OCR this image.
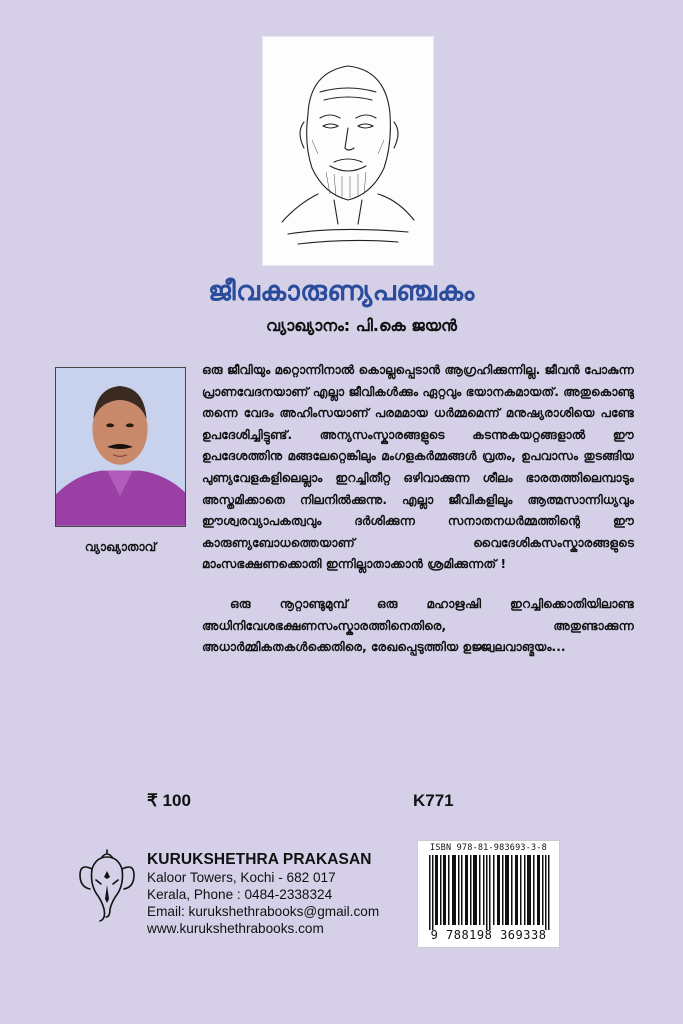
ജീവകാരുണ്യപഞ്ചകം
വ്യാഖ്യാനം: പി.കെ ജയൻ
വ്യാഖ്യാതാവ്

ഒരു ജീവിയും മറ്റൊന്നിനാൽ കൊല്ലപ്പെടാൻ ആഗ്രഹിക്കുന്നില്ല. ജീവൻ പോകുന്ന പ്രാണവേദനയാണ് എല്ലാ ജീവികൾക്കും ഏറ്റവും ഭയാനകമായത്. അതുകൊണ്ടു തന്നെ വേദം അഹിംസയാണ് പരമമായ ധർമ്മമെന്ന് മനുഷ്യരാശിയെ പണ്ടേ ഉപദേശിച്ചിട്ടുണ്ട്. അന്യസംസ്കാരങ്ങളുടെ കടന്നുകയറ്റങ്ങളാൽ ഈ ഉപദേശത്തിനു മങ്ങലേറ്റെങ്കിലും മംഗളകർമ്മങ്ങൾ വ്രതം, ഉപവാസം തുടങ്ങിയ പുണ്യവേളകളിലെല്ലാം ഇറച്ചിതീറ്റ ഒഴിവാക്കുന്ന ശീലം ഭാരതത്തിലെമ്പാടും അസ്തമിക്കാതെ നിലനിൽക്കുന്നു. എല്ലാ ജീവികളിലും ആത്മസാന്നിധ്യവും ഈശ്വരവ്യാപകത്വവും ദർശിക്കുന്ന സനാതനധർമ്മത്തിന്റെ ഈ കാരുണ്യബോധത്തെയാണ് വൈദേശികസംസ്കാരങ്ങളുടെ മാംസഭക്ഷണക്കൊതി ഇന്നില്ലാതാക്കാൻ ശ്രമിക്കുന്നത് !

ഒരു നൂറ്റാണ്ടുമുമ്പ് ഒരു മഹാഋഷി ഇറച്ചിക്കൊതിയിലാണ്ട അധിനിവേശഭക്ഷണസംസ്കാരത്തിനെതിരെ, അതുണ്ടാക്കുന്ന അധാർമ്മികതകൾക്കെതിരെ, രേഖപ്പെടുത്തിയ ഉജ്ജ്വലവാങ്മയം...

₹ 100	K771
KURUKSHETHRA PRAKASAN
Kaloor Towers, Kochi - 682 017
Kerala, Phone : 0484-2338324
Email: kurukshethrabooks@gmail.com
www.kurukshethrabooks.com
ISBN 978-81-983693-3-8
9 788198 369338
